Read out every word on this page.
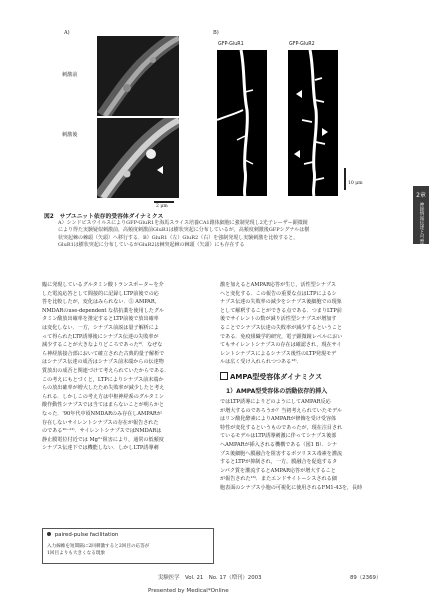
A)
刺激前
刺激後
2 μm
B)
GFP-GluR1	GFP-GluR2
10 μm
2章
神経情報伝達と可塑性
図2　サブユニット依存的受容体ダイナミクス

A）シンドビスウイルスによりGFP-GluR1を海馬スライス培養CA1錐体細胞に強制発現し2光子レーザー顕微鏡

により得た実験疑似刺激前，高頻度刺激前GluR1は樹状突起に分布しているが，高頻度刺激後GFPシグナルは樹

状突起棘の棘頭（矢頭）へ移行する．B）GluR1（左）GluR2（右）を強制発現し実験刺激を比較すると，

GluR1は樹状突起に分布しているがGluR2は棘突起棘の棘頭（矢頭）にも存在する

臨に発現しているグルタミン酸トランスポーターを介

した電流応答として間接的に記録しLTP前後での応

答を比較したが，変化はみられない．⑤ AMPAR，

NMDARのuse-dependent な拮抗薬を使用したグル

タミン酸放出確率を推定するとLTP前後で放出確率

は変化しない．一方，シナプス前説は量子解析によ

って得られたLTP誘導後にシナプス伝達の失敗率が

減少することが大きなよりどころであった⁹⁾．なぜな

ら神経筋接合部において確立された古典的量子解析で

はシナプス伝達の成否はシナプス前末端からの伝達物

質放出の成否と関連づけて考えられていたからである．

この考えにもとづくと，LTPによりシナプス前末端か

らの放出確率が増大したため失敗率が減少したと考え

られる．しかしこの考え方は中枢神経系のグルタミン

酸作動性シナプスでは当てはまらないことが明らかと

なった．'90年代中頃NMDARのみ存在しAMPARが

存在しないサイレントシナプスの存在が報告された

のである¹⁰⁻¹¹⁾．サイレントシナプスではNMDARは

静止膜電位付近では Mg²⁺阻害により，通常の低頻度

シナプス伝達下では機能しない．しかしLTP誘導刺

paired-pulse facilitation
入力線維を短間隔に2回刺激すると2回目の応答が
1回目よりも大きくなる現象

激を加えるとAMPAR応答が生じ，活性型シナプス

へと変化する．この報告の重要な点はLTPによるシ

ナプス伝達の失敗率の減少をシナプス後細胞での現象

として解釈することができる点である．つまりLTP前

後でサイレントの数が減り活性型シナプスが増加す

ることでシナプス伝達の失敗率が減少するということ

である．免疫組織学的研究，電子顕微鏡レベルにおい

てもサイレントシナプスの存在は確認され，現在サイ

レントシナプスによるシナプス後性のLTP発現モデ

ルは広く受け入れられつつある¹²⁾．

AMPA型受容体ダイナミクス
1）AMPA型受容体の活動依存的挿入

ではLTP誘導によりどのようにしてAMPAR反応

が増大するのであろうか？当初考えられていたモデル

はリン酸化酵素によりAMPARが修飾を受け受容体

特性が変化するというものであったが，現在注目され

ているモデルはLTP誘導刺激に伴ってシナプス後部

へAMPARが挿入される機構である（図1 B）．シナ

プス後細胞へ膜融合を阻害するボツリヌス毒素を灌流

するとLTPが抑制され，一方，膜融合を促進するタ

ンパク質を灌流するとAMPAR応答が増大すること

が報告された¹³⁾．またエンドサイトーシスされる細

胞表面のシナプス小胞の可視化に使用されるFM1-43を，長時

実験医学　Vol. 21　No. 17（増刊）2003	89（2369）
Presented by Medical*Online
